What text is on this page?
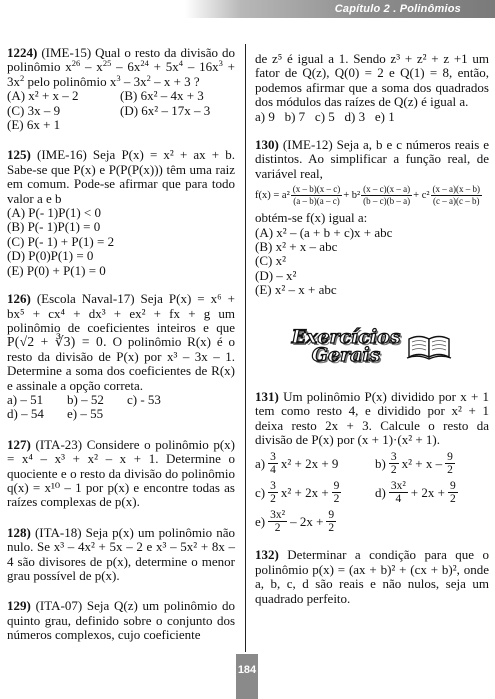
Capítulo 2 . Polinômios

1224) (IME-15) Qual o resto da divisão do polinômio $x^{26} - x^{25} - 6x^{24} + 5x^4 - 16x^3 + 3x^2$ pelo polinômio $x^3 - 3x^2 - x + 3$ ?

(A) x² + x – 2	(B) 6x² – 4x + 3
(C) 3x – 9	(D) 6x² – 17x – 3
(E) 6x + 1

125) (IME-16) Seja P(x) = x² + ax + b. Sabe-se que P(x) e P(P(P(x))) têm uma raiz em comum. Pode-se afirmar que para todo valor a e b

(A) P(- 1)P(1) < 0
(B) P(- 1)P(1) = 0
(C) P(- 1) + P(1) = 2
(D) P(0)P(1) = 0
(E) P(0) + P(1) = 0

126) (Escola Naval-17) Seja P(x) = x⁶ + bx⁵ + cx⁴ + dx³ + ex² + fx + g um polinômio de coeficientes inteiros e que P(√2 + ∛3) = 0. O polinômio R(x) é o resto da divisão de P(x) por x³ – 3x – 1. Determine a soma dos coeficientes de R(x) e assinale a opção correta.

a) – 51	b) – 52	c) - 53
d) – 54	e) – 55

127) (ITA-23) Considere o polinômio p(x) = x⁴ – x³ + x² – x + 1. Determine o quociente e o resto da divisão do polinômio q(x) = x¹⁰ – 1 por p(x) e encontre todas as raízes complexas de p(x).

128) (ITA-18) Seja p(x) um polinômio não nulo. Se x³ – 4x² + 5x – 2 e x³ – 5x² + 8x – 4 são divisores de p(x), determine o menor grau possível de p(x).

129) (ITA-07) Seja Q(z) um polinômio do quinto grau, definido sobre o conjunto dos números complexos, cujo coeficiente

de z⁵ é igual a 1. Sendo z³ + z² + z +1 um fator de Q(z), Q(0) = 2 e Q(1) = 8, então, podemos afirmar que a soma dos quadrados dos módulos das raízes de Q(z) é igual a.

a) 9   b) 7   c) 5   d) 3   e) 1

130) (IME-12) Seja a, b e c números reais e distintos. Ao simplificar a função real, de variável real,

$f(x) = a^2 \frac{(x - b)(x - c)}{(a - b)(a - c)} + b^2 \frac{(x - c)(x - a)}{(b - c)(b - a)} + c^2 \frac{(x - a)(x - b)}{(c - a)(c - b)}$

obtém-se f(x) igual a:

(A) x² – (a + b + c)x + abc
(B) x² + x – abc
(C) x²
(D) – x²
(E) x² – x + abc
Exercícios
Gerais

131) Um polinômio P(x) dividido por x + 1 tem como resto 4, e dividido por x² + 1 deixa resto 2x + 3. Calcule o resto da divisão de P(x) por (x + 1)·(x² + 1).

$a) \frac{3}{4} x^2 + 2x + 9$	$b) \frac{3}{2} x^2 + x - \frac{9}{2}$
$c) \frac{3}{2} x^2 + 2x + \frac{9}{2}$	$d) \frac{\text{3x²}}{4} + 2x + \frac{9}{2}$
$e) \frac{\text{3x²}}{2} - 2x + \frac{9}{2}$

132) Determinar a condição para que o polinômio p(x) = (ax + b)² + (cx + b)², onde a, b, c, d são reais e não nulos, seja um quadrado perfeito.

184
